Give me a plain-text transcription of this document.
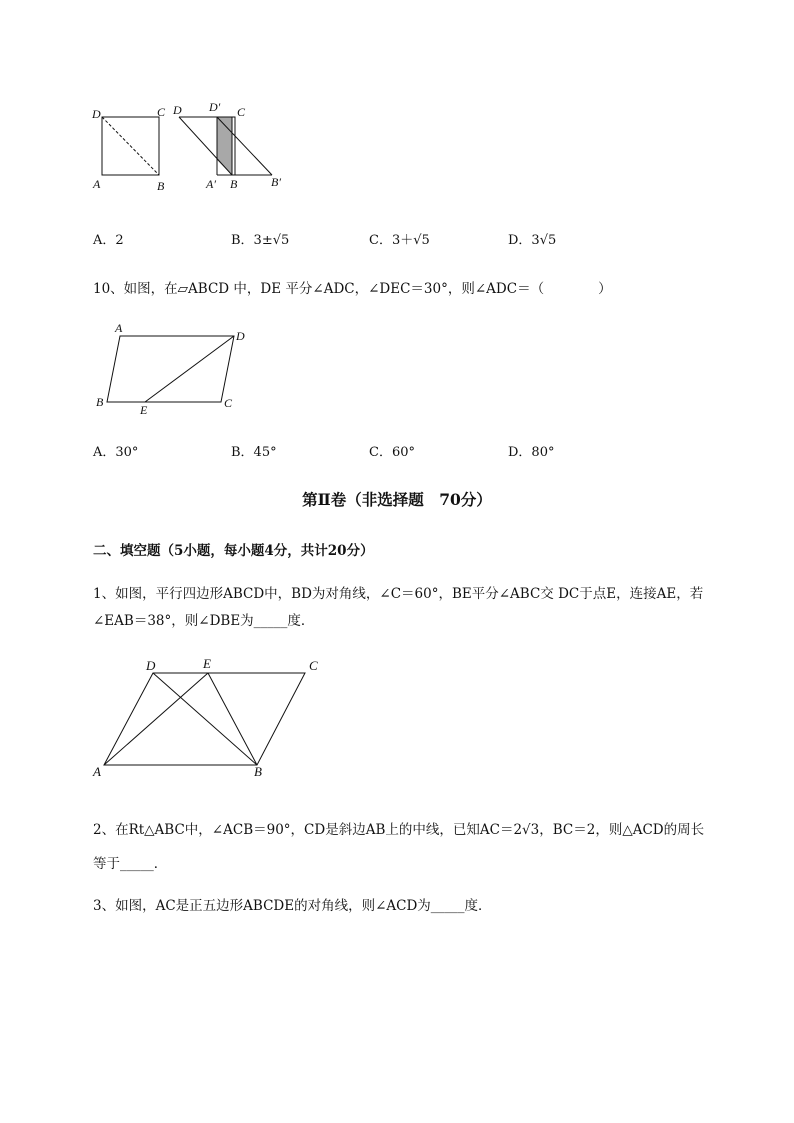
D	C
A	B
D D′ C
A′ B	B′
A．2	B．3±√5	C．3＋√5	D．3√5
10、如图，在▱ABCD 中，DE 平分∠ADC，∠DEC＝30°，则∠ADC＝（　　　　）
A
D
B
E	C
A．30°	B．45°	C．60°	D．80°
第Ⅱ卷（非选择题　70分）
二、填空题（5小题，每小题4分，共计20分）
1、如图，平行四边形ABCD中，BD为对角线，∠C＝60°，BE平分∠ABC交 DC于点E，连接AE，若
∠EAB＝38°，则∠DBE为_____度．
D	E	C
A	B
2、在Rt△ABC中，∠ACB＝90°，CD是斜边AB上的中线，已知AC＝2√3，BC＝2，则△ACD的周长
等于_____．
3、如图，AC是正五边形ABCDE的对角线，则∠ACD为_____度．
